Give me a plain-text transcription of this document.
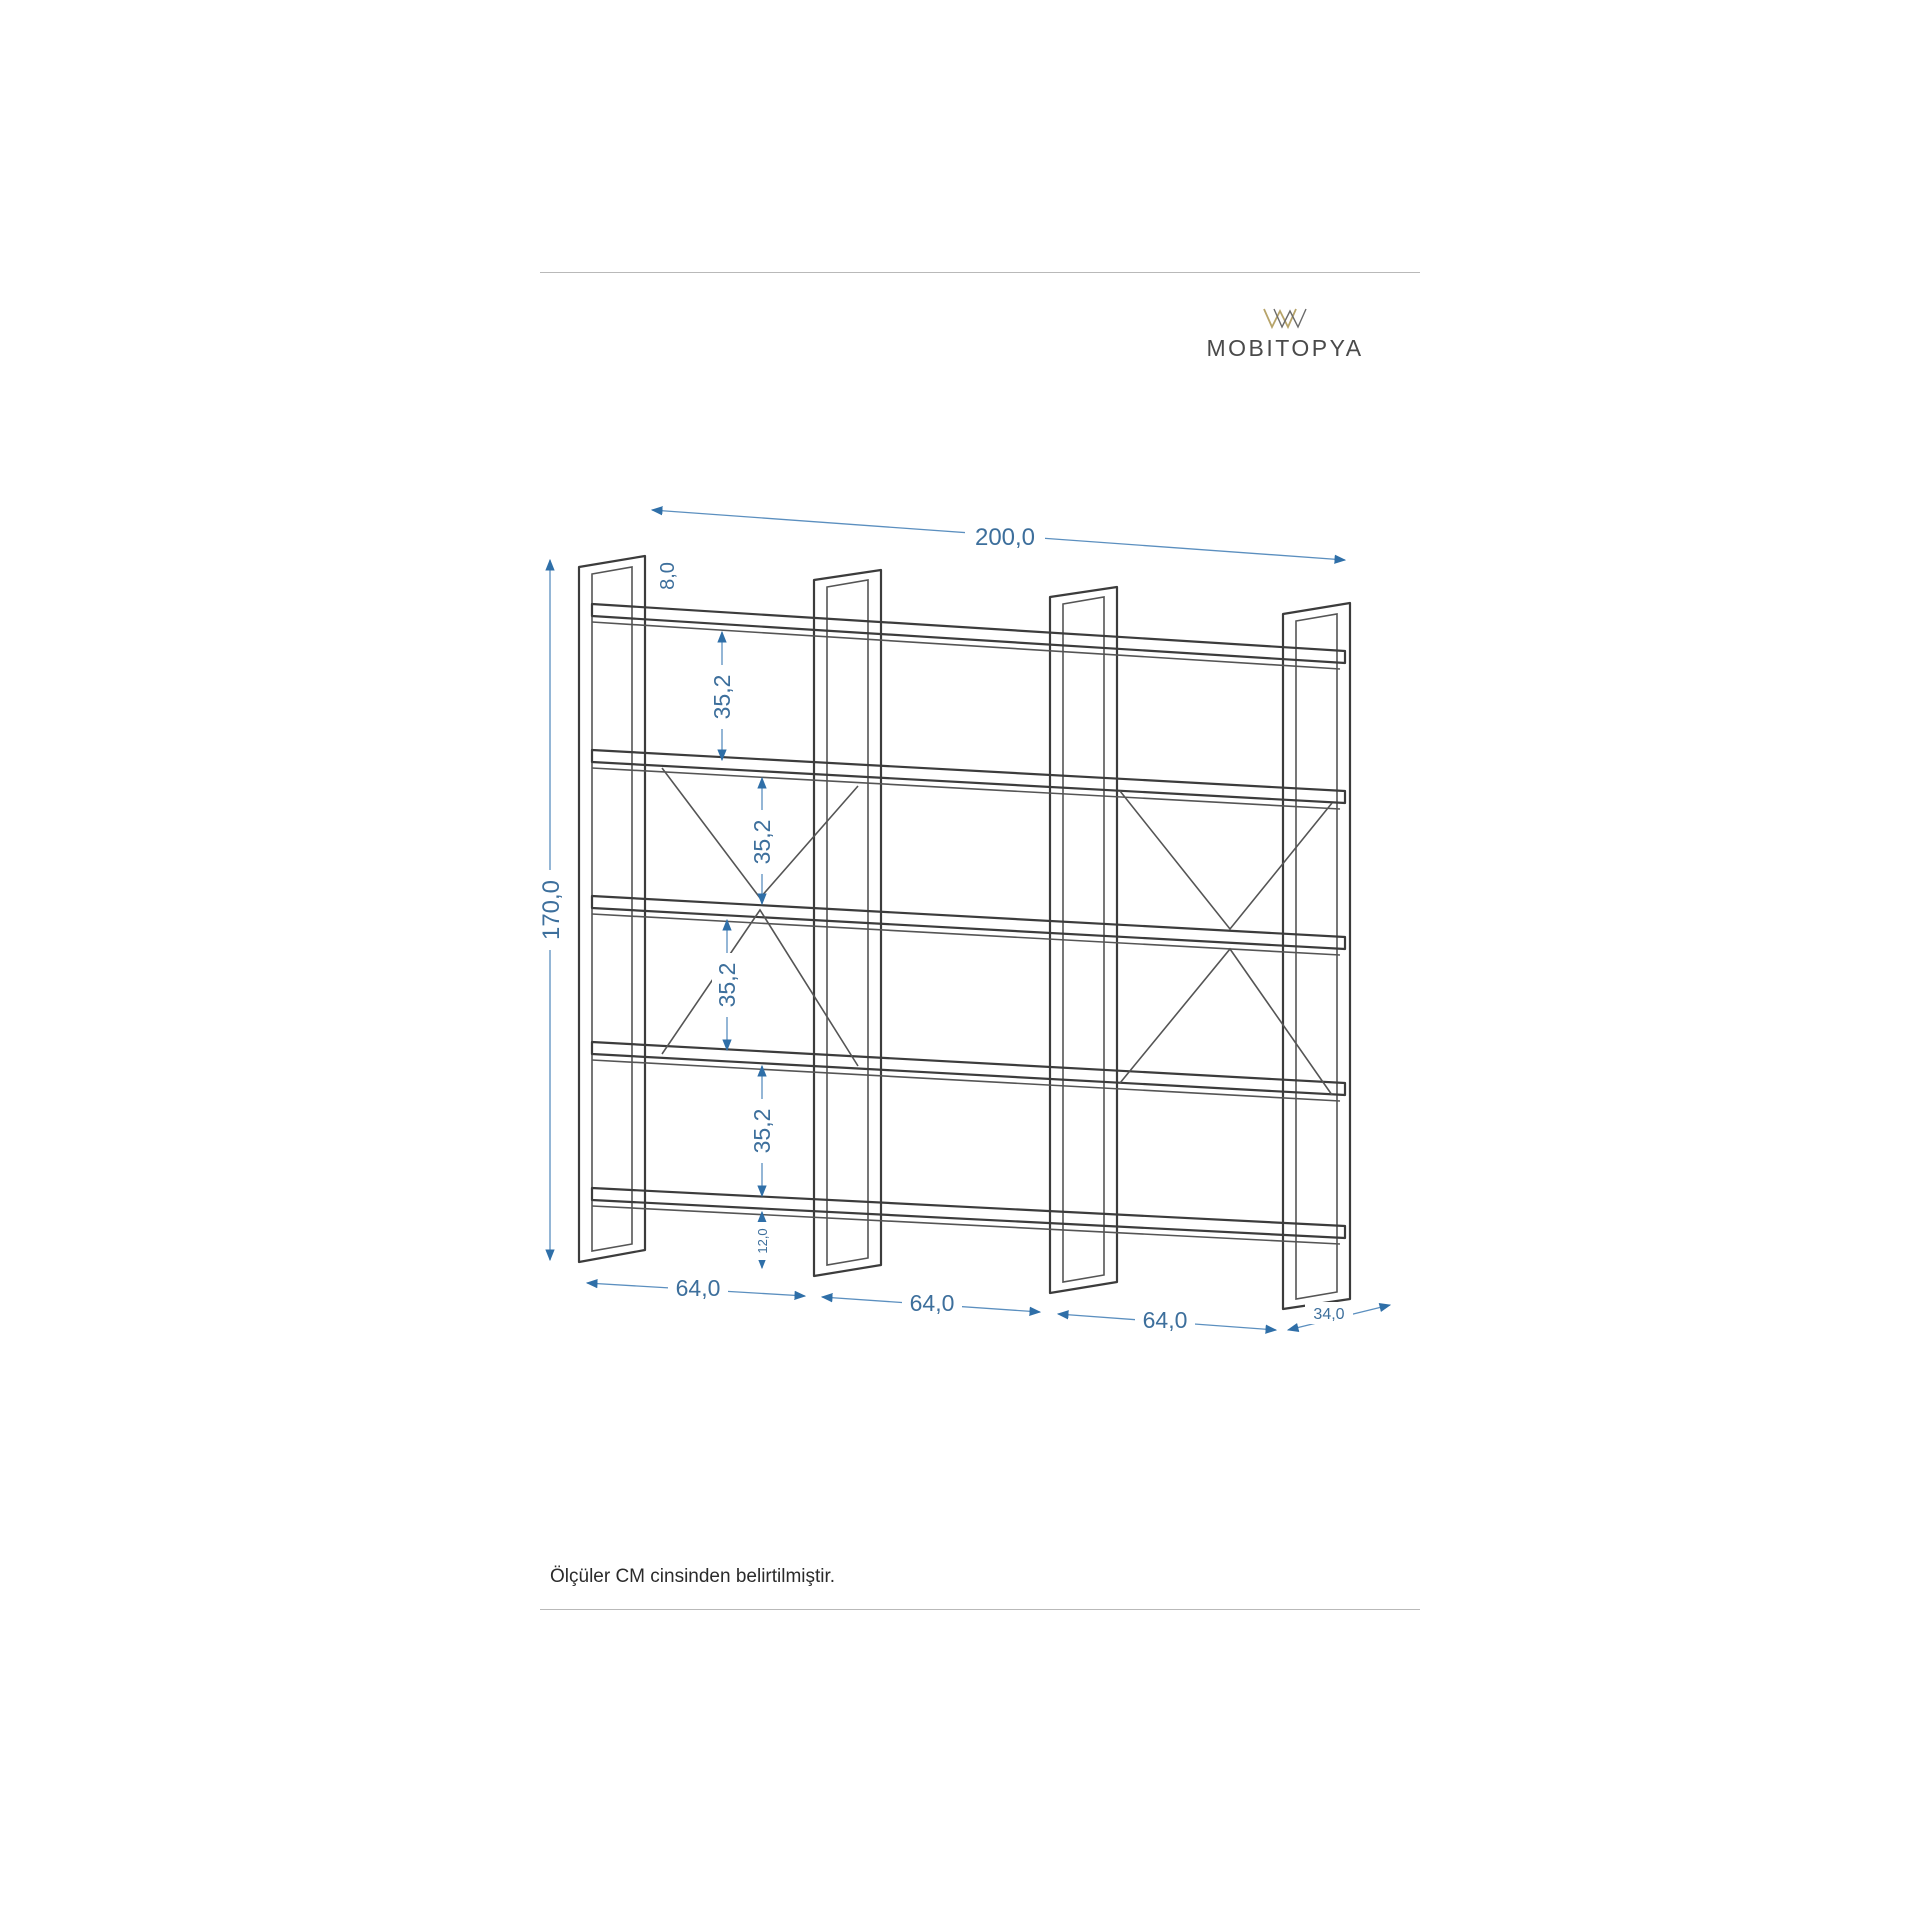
MOBITOPYA
200,0
170,0
8,0
35,2
35,2
35,2
35,2
12,0
64,0
64,0
64,0	34,0
Ölçüler CM cinsinden belirtilmiştir.
